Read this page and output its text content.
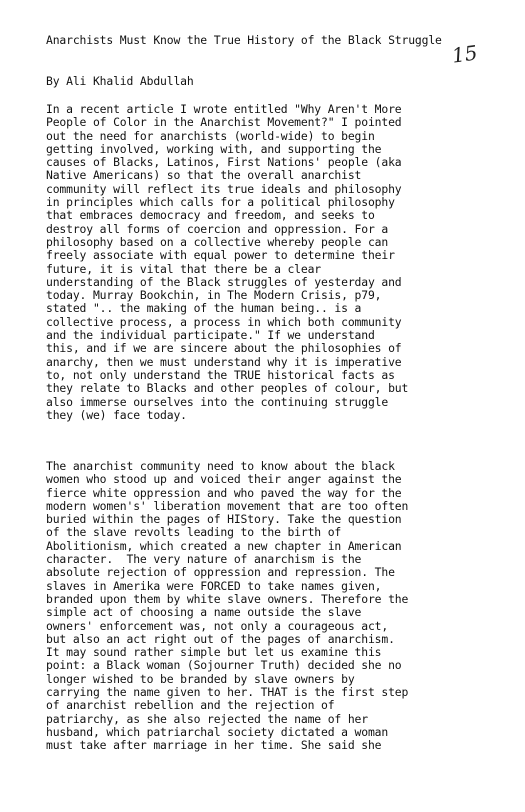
Anarchists Must Know the True History of the Black Struggle
15
By Ali Khalid Abdullah
In a recent article I wrote entitled "Why Aren't More
People of Color in the Anarchist Movement?" I pointed
out the need for anarchists (world-wide) to begin
getting involved, working with, and supporting the
causes of Blacks, Latinos, First Nations' people (aka
Native Americans) so that the overall anarchist
community will reflect its true ideals and philosophy
in principles which calls for a political philosophy
that embraces democracy and freedom, and seeks to
destroy all forms of coercion and oppression. For a
philosophy based on a collective whereby people can
freely associate with equal power to determine their
future, it is vital that there be a clear
understanding of the Black struggles of yesterday and
today. Murray Bookchin, in The Modern Crisis, p79,
stated ".. the making of the human being.. is a
collective process, a process in which both community
and the individual participate." If we understand
this, and if we are sincere about the philosophies of
anarchy, then we must understand why it is imperative
to, not only understand the TRUE historical facts as
they relate to Blacks and other peoples of colour, but
also immerse ourselves into the continuing struggle
they (we) face today.
The anarchist community need to know about the black
women who stood up and voiced their anger against the
fierce white oppression and who paved the way for the
modern women's' liberation movement that are too often
buried within the pages of HIStory. Take the question
of the slave revolts leading to the birth of
Abolitionism, which created a new chapter in American
character.  The very nature of anarchism is the
absolute rejection of oppression and repression. The
slaves in Amerika were FORCED to take names given,
branded upon them by white slave owners. Therefore the
simple act of choosing a name outside the slave
owners' enforcement was, not only a courageous act,
but also an act right out of the pages of anarchism.
It may sound rather simple but let us examine this
point: a Black woman (Sojourner Truth) decided she no
longer wished to be branded by slave owners by
carrying the name given to her. THAT is the first step
of anarchist rebellion and the rejection of
patriarchy, as she also rejected the name of her
husband, which patriarchal society dictated a woman
must take after marriage in her time. She said she
